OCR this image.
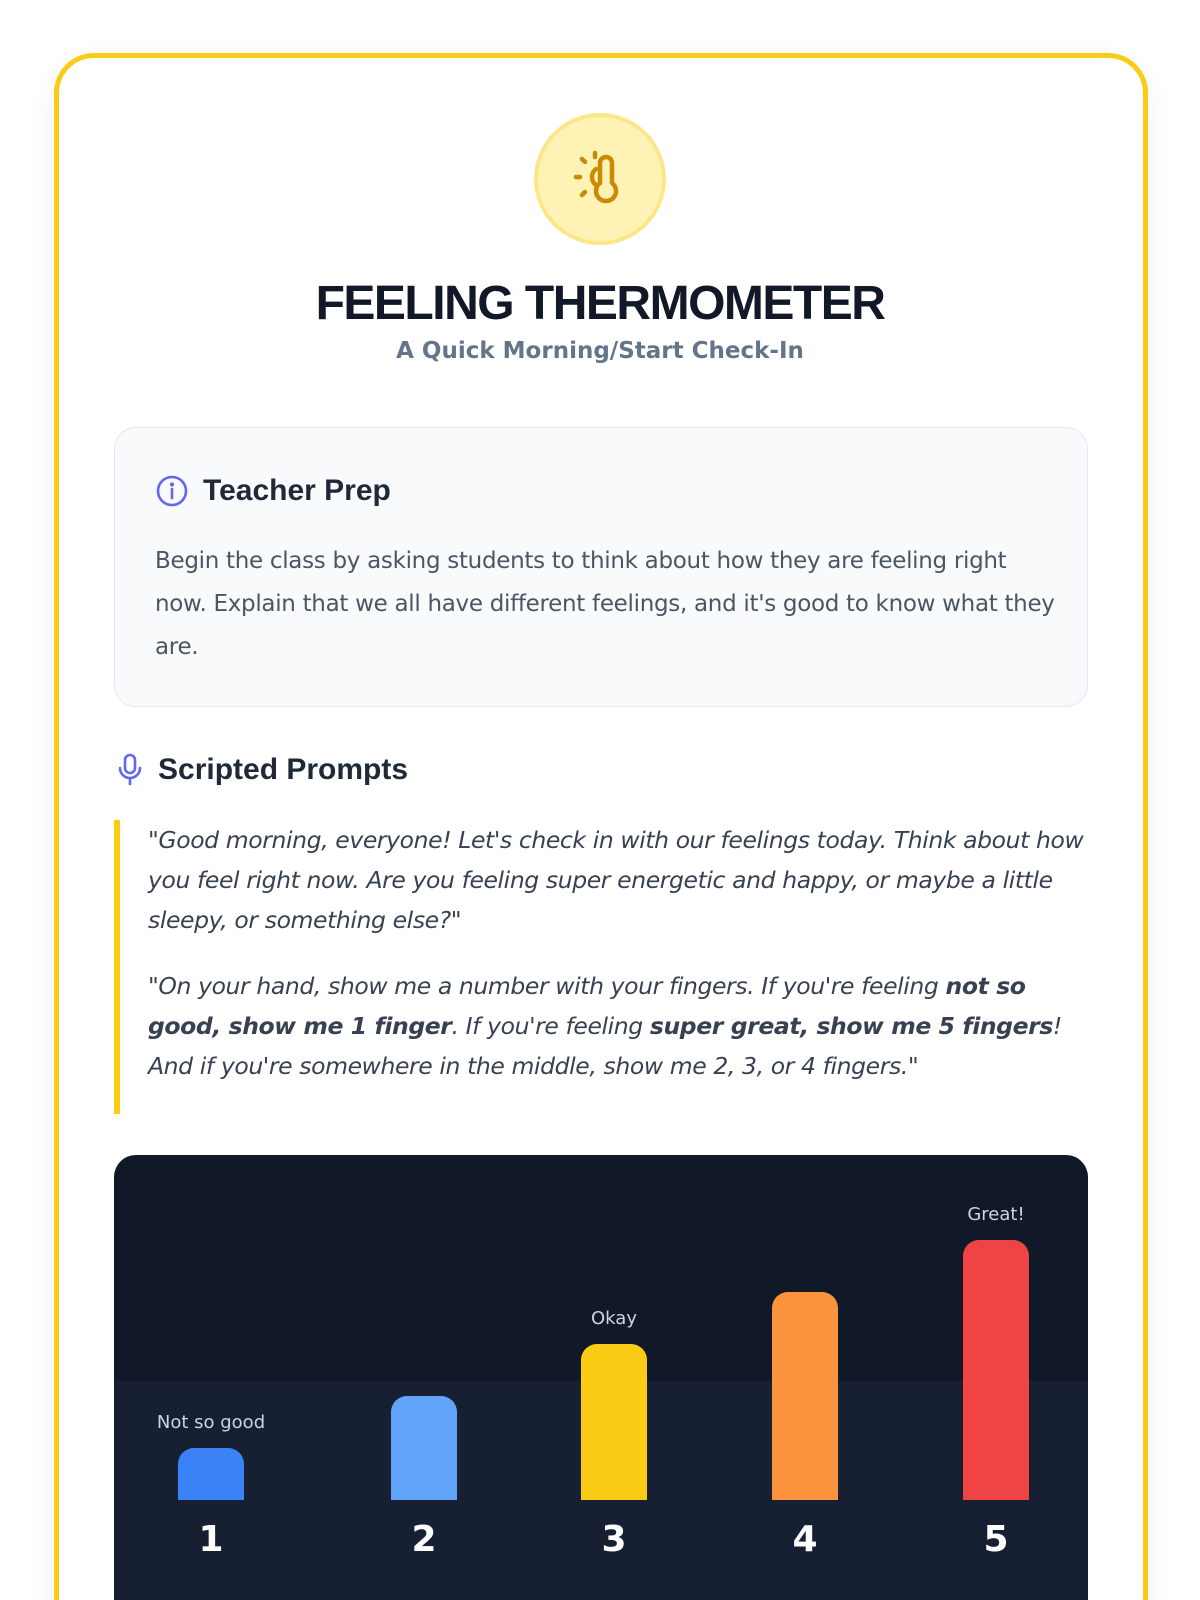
FEELING THERMOMETER
A Quick Morning/Start Check-In
Teacher Prep
Begin the class by asking students to think about how they are feeling right now. Explain that we all have different feelings, and it's good to know what they are.
Scripted Prompts

"Good morning, everyone! Let's check in with our feelings today. Think about how you feel right now. Are you feeling super energetic and happy, or maybe a little sleepy, or something else?"

"On your hand, show me a number with your fingers. If you're feeling not so good, show me 1 finger. If you're feeling super great, show me 5 fingers! And if you're somewhere in the middle, show me 2, 3, or 4 fingers."

Not so good
1	2
Okay
3	4
Great!
5
